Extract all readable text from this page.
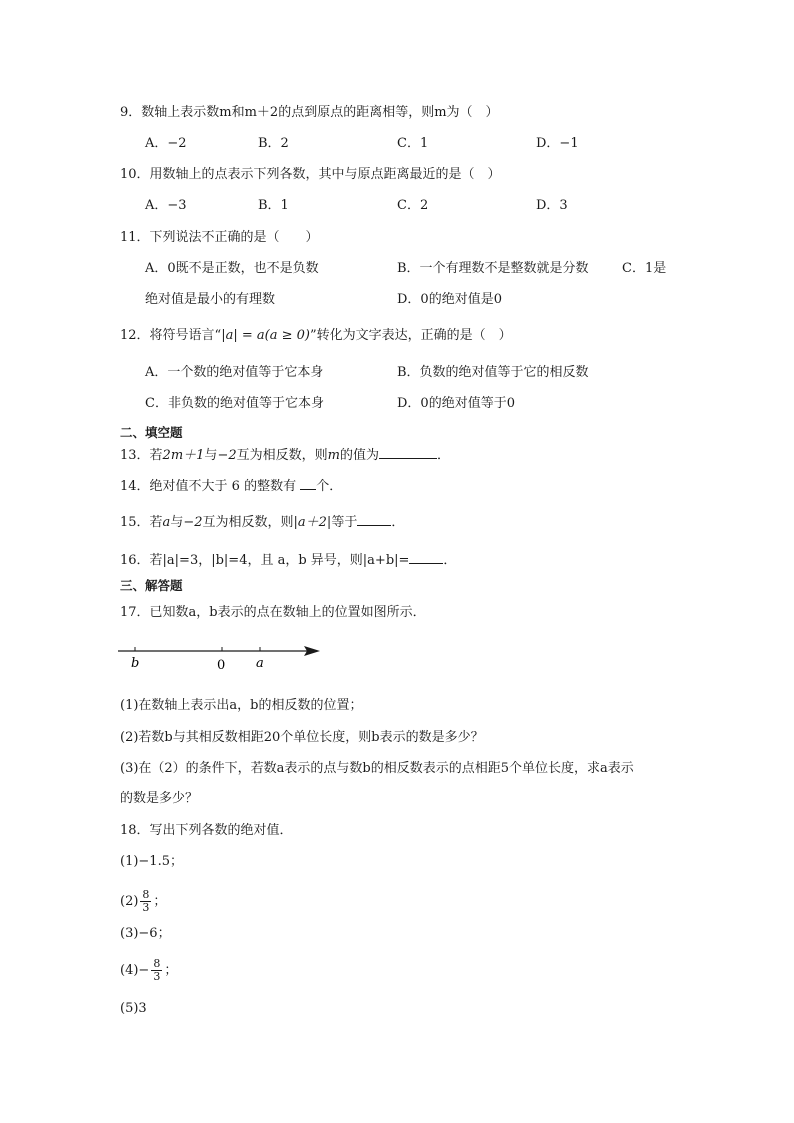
9．数轴上表示数m和m＋2的点到原点的距离相等，则m为（　）
A．−2	B．2	C．1	D．−1
10．用数轴上的点表示下列各数，其中与原点距离最近的是（　）
A．−3	B．1	C．2	D．3
11．下列说法不正确的是（　　）
A．0既不是正数，也不是负数	B．一个有理数不是整数就是分数	C．1是
绝对值是最小的有理数	D．0的绝对值是0
12．将符号语言“|a| = a(a ≥ 0)”转化为文字表达，正确的是（　）
A．一个数的绝对值等于它本身	B．负数的绝对值等于它的相反数
C．非负数的绝对值等于它本身	D．0的绝对值等于0
二、填空题
13．若2m＋1与−2互为相反数，则m的值为	．
14．绝对值不大于 6 的整数有 个．
15．若a与−2互为相反数，则|a＋2|等于	．
16．若|a|=3，|b|=4，且 a，b 异号，则|a+b|=	．
三、解答题
17．已知数a，b表示的点在数轴上的位置如图所示．
b	0 a
(1)在数轴上表示出a，b的相反数的位置；
(2)若数b与其相反数相距20个单位长度，则b表示的数是多少？
(3)在（2）的条件下，若数a表示的点与数b的相反数表示的点相距5个单位长度，求a表示
的数是多少？
18．写出下列各数的绝对值．
(1)−1.5；
$(2) \frac{8}{3}$ ；
(3)−6；
$(4)- \frac{8}{3}$ ；
(5)3
